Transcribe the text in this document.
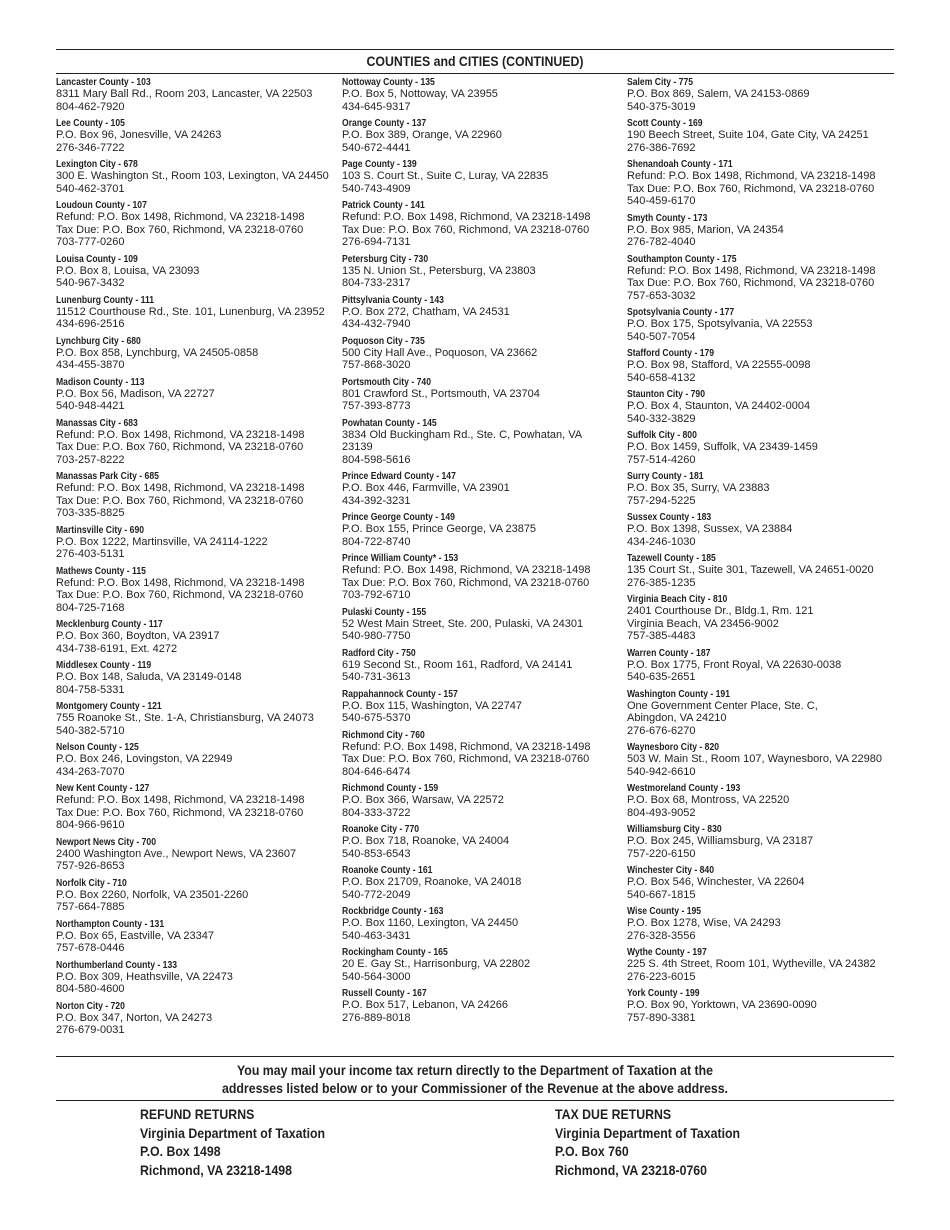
COUNTIES and CITIES (CONTINUED)
Lancaster County - 103
8311 Mary Ball Rd., Room 203, Lancaster, VA 22503
804-462-7920
Lee County - 105
P.O. Box 96, Jonesville, VA 24263
276-346-7722
Lexington City - 678
300 E. Washington St., Room 103, Lexington, VA 24450
540-462-3701
Loudoun County - 107
Refund: P.O. Box 1498, Richmond, VA 23218-1498
Tax Due: P.O. Box 760, Richmond, VA 23218-0760
703-777-0260
Louisa County - 109
P.O. Box 8, Louisa, VA 23093
540-967-3432
Lunenburg County - 111
11512 Courthouse Rd., Ste. 101, Lunenburg, VA 23952
434-696-2516
Lynchburg City - 680
P.O. Box 858, Lynchburg, VA 24505-0858
434-455-3870
Madison County - 113
P.O. Box 56, Madison, VA 22727
540-948-4421
Manassas City - 683
Refund: P.O. Box 1498, Richmond, VA 23218-1498
Tax Due: P.O. Box 760, Richmond, VA 23218-0760
703-257-8222
Manassas Park City - 685
Refund: P.O. Box 1498, Richmond, VA 23218-1498
Tax Due: P.O. Box 760, Richmond, VA 23218-0760
703-335-8825
Martinsville City - 690
P.O. Box 1222, Martinsville, VA 24114-1222
276-403-5131
Mathews County - 115
Refund: P.O. Box 1498, Richmond, VA 23218-1498
Tax Due: P.O. Box 760, Richmond, VA 23218-0760
804-725-7168
Mecklenburg County - 117
P.O. Box 360, Boydton, VA 23917
434-738-6191, Ext. 4272
Middlesex County - 119
P.O. Box 148, Saluda, VA 23149-0148
804-758-5331
Montgomery County - 121
755 Roanoke St., Ste. 1-A, Christiansburg, VA 24073
540-382-5710
Nelson County - 125
P.O. Box 246, Lovingston, VA 22949
434-263-7070
New Kent County - 127
Refund: P.O. Box 1498, Richmond, VA 23218-1498
Tax Due: P.O. Box 760, Richmond, VA 23218-0760
804-966-9610
Newport News City - 700
2400 Washington Ave., Newport News, VA 23607
757-926-8653
Norfolk City - 710
P.O. Box 2260, Norfolk, VA 23501-2260
757-664-7885
Northampton County - 131
P.O. Box 65, Eastville, VA 23347
757-678-0446
Northumberland County - 133
P.O. Box 309, Heathsville, VA 22473
804-580-4600
Norton City - 720
P.O. Box 347, Norton, VA 24273
276-679-0031
Nottoway County - 135
P.O. Box 5, Nottoway, VA 23955
434-645-9317
Orange County - 137
P.O. Box 389, Orange, VA 22960
540-672-4441
Page County - 139
103 S. Court St., Suite C, Luray, VA 22835
540-743-4909
Patrick County - 141
Refund: P.O. Box 1498, Richmond, VA 23218-1498
Tax Due: P.O. Box 760, Richmond, VA 23218-0760
276-694-7131
Petersburg City - 730
135 N. Union St., Petersburg, VA 23803
804-733-2317
Pittsylvania County - 143
P.O. Box 272, Chatham, VA 24531
434-432-7940
Poquoson City - 735
500 City Hall Ave., Poquoson, VA 23662
757-868-3020
Portsmouth City - 740
801 Crawford St., Portsmouth, VA 23704
757-393-8773
Powhatan County - 145
3834 Old Buckingham Rd., Ste. C, Powhatan, VA
23139
804-598-5616
Prince Edward County - 147
P.O. Box 446, Farmville, VA 23901
434-392-3231
Prince George County - 149
P.O. Box 155, Prince George, VA 23875
804-722-8740
Prince William County* - 153
Refund: P.O. Box 1498, Richmond, VA 23218-1498
Tax Due: P.O. Box 760, Richmond, VA 23218-0760
703-792-6710
Pulaski County - 155
52 West Main Street, Ste. 200, Pulaski, VA 24301
540-980-7750
Radford City - 750
619 Second St., Room 161, Radford, VA 24141
540-731-3613
Rappahannock County - 157
P.O. Box 115, Washington, VA 22747
540-675-5370
Richmond City - 760
Refund: P.O. Box 1498, Richmond, VA 23218-1498
Tax Due: P.O. Box 760, Richmond, VA 23218-0760
804-646-6474
Richmond County - 159
P.O. Box 366, Warsaw, VA 22572
804-333-3722
Roanoke City - 770
P.O. Box 718, Roanoke, VA 24004
540-853-6543
Roanoke County - 161
P.O. Box 21709, Roanoke, VA 24018
540-772-2049
Rockbridge County - 163
P.O. Box 1160, Lexington, VA 24450
540-463-3431
Rockingham County - 165
20 E. Gay St., Harrisonburg, VA 22802
540-564-3000
Russell County - 167
P.O. Box 517, Lebanon, VA 24266
276-889-8018
Salem City - 775
P.O. Box 869, Salem, VA 24153-0869
540-375-3019
Scott County - 169
190 Beech Street, Suite 104, Gate City, VA 24251
276-386-7692
Shenandoah County - 171
Refund: P.O. Box 1498, Richmond, VA 23218-1498
Tax Due: P.O. Box 760, Richmond, VA 23218-0760
540-459-6170
Smyth County - 173
P.O. Box 985, Marion, VA 24354
276-782-4040
Southampton County - 175
Refund: P.O. Box 1498, Richmond, VA 23218-1498
Tax Due: P.O. Box 760, Richmond, VA 23218-0760
757-653-3032
Spotsylvania County - 177
P.O. Box 175, Spotsylvania, VA 22553
540-507-7054
Stafford County - 179
P.O. Box 98, Stafford, VA 22555-0098
540-658-4132
Staunton City - 790
P.O. Box 4, Staunton, VA 24402-0004
540-332-3829
Suffolk City - 800
P.O. Box 1459, Suffolk, VA 23439-1459
757-514-4260
Surry County - 181
P.O. Box 35, Surry, VA 23883
757-294-5225
Sussex County - 183
P.O. Box 1398, Sussex, VA 23884
434-246-1030
Tazewell County - 185
135 Court St., Suite 301, Tazewell, VA 24651-0020
276-385-1235
Virginia Beach City - 810
2401 Courthouse Dr., Bldg.1, Rm. 121
Virginia Beach, VA 23456-9002
757-385-4483
Warren County - 187
P.O. Box 1775, Front Royal, VA 22630-0038
540-635-2651
Washington County - 191
One Government Center Place, Ste. C,
Abingdon, VA 24210
276-676-6270
Waynesboro City - 820
503 W. Main St., Room 107, Waynesboro, VA 22980
540-942-6610
Westmoreland County - 193
P.O. Box 68, Montross, VA 22520
804-493-9052
Williamsburg City - 830
P.O. Box 245, Williamsburg, VA 23187
757-220-6150
Winchester City - 840
P.O. Box 546, Winchester, VA 22604
540-667-1815
Wise County - 195
P.O. Box 1278, Wise, VA 24293
276-328-3556
Wythe County - 197
225 S. 4th Street, Room 101, Wytheville, VA 24382
276-223-6015
York County - 199
P.O. Box 90, Yorktown, VA 23690-0090
757-890-3381
You may mail your income tax return directly to the Department of Taxation at the
addresses listed below or to your Commissioner of the Revenue at the above address.
REFUND RETURNS
Virginia Department of Taxation
P.O. Box 1498
Richmond, VA 23218-1498
TAX DUE RETURNS
Virginia Department of Taxation
P.O. Box 760
Richmond, VA 23218-0760
